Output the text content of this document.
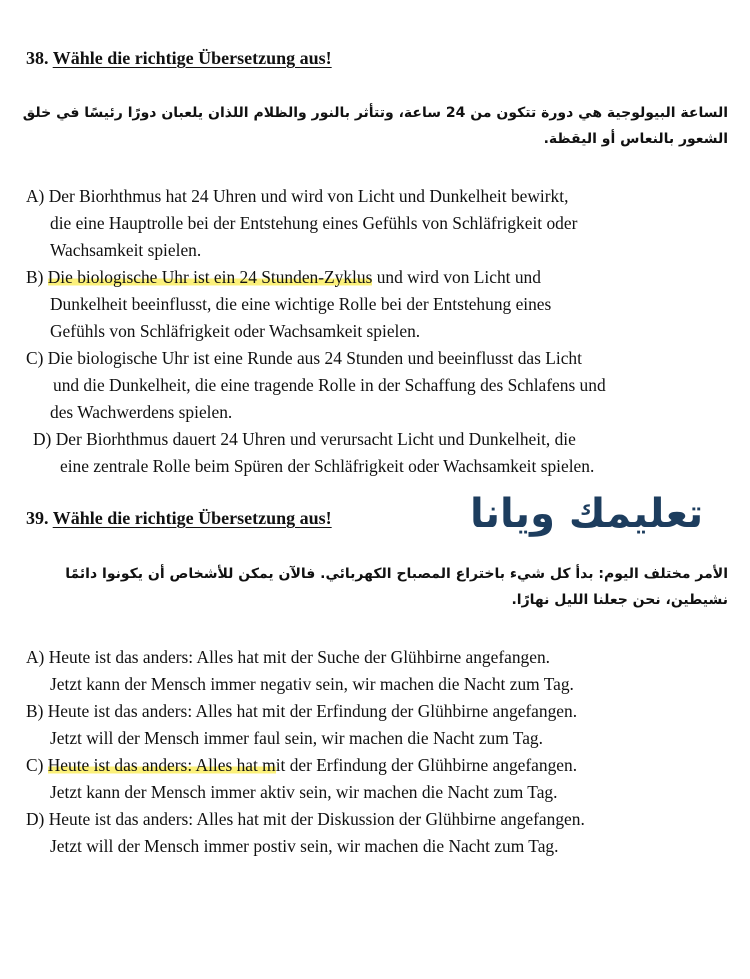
38. Wähle die richtige Übersetzung aus!
الساعة البيولوجية هي دورة تتكون من 24 ساعة، وتتأثر بالنور والظلام اللذان يلعبان دورًا رئيسًا في خلق الشعور بالنعاس أو اليقظة.
A) Der Biorhthmus hat 24 Uhren und wird von Licht und Dunkelheit bewirkt,
die eine Hauptrolle bei der Entstehung eines Gefühls von Schläfrigkeit oder
Wachsamkeit spielen.
B) Die biologische Uhr ist ein 24 Stunden-Zyklus und wird von Licht und
Dunkelheit beeinflusst, die eine wichtige Rolle bei der Entstehung eines
Gefühls von Schläfrigkeit oder Wachsamkeit spielen.
C) Die biologische Uhr ist eine Runde aus 24 Stunden und beeinflusst das Licht
und die Dunkelheit, die eine tragende Rolle in der Schaffung des Schlafens und
des Wachwerdens spielen.
D) Der Biorhthmus dauert 24 Uhren und verursacht Licht und Dunkelheit, die
eine zentrale Rolle beim Spüren der Schläfrigkeit oder Wachsamkeit spielen.
تعليمك ويانا
39. Wähle die richtige Übersetzung aus!
الأمر مختلف اليوم: بدأ كل شيء باختراع المصباح الكهربائي. فالآن يمكن للأشخاص أن يكونوا دائمًا نشيطين، نحن جعلنا الليل نهارًا.
A) Heute ist das anders: Alles hat mit der Suche der Glühbirne angefangen.
Jetzt kann der Mensch immer negativ sein, wir machen die Nacht zum Tag.
B) Heute ist das anders: Alles hat mit der Erfindung der Glühbirne angefangen.
Jetzt will der Mensch immer faul sein, wir machen die Nacht zum Tag.
C) Heute ist das anders: Alles hat mit der Erfindung der Glühbirne angefangen.
Jetzt kann der Mensch immer aktiv sein, wir machen die Nacht zum Tag.
D) Heute ist das anders: Alles hat mit der Diskussion der Glühbirne angefangen.
Jetzt will der Mensch immer postiv sein, wir machen die Nacht zum Tag.
